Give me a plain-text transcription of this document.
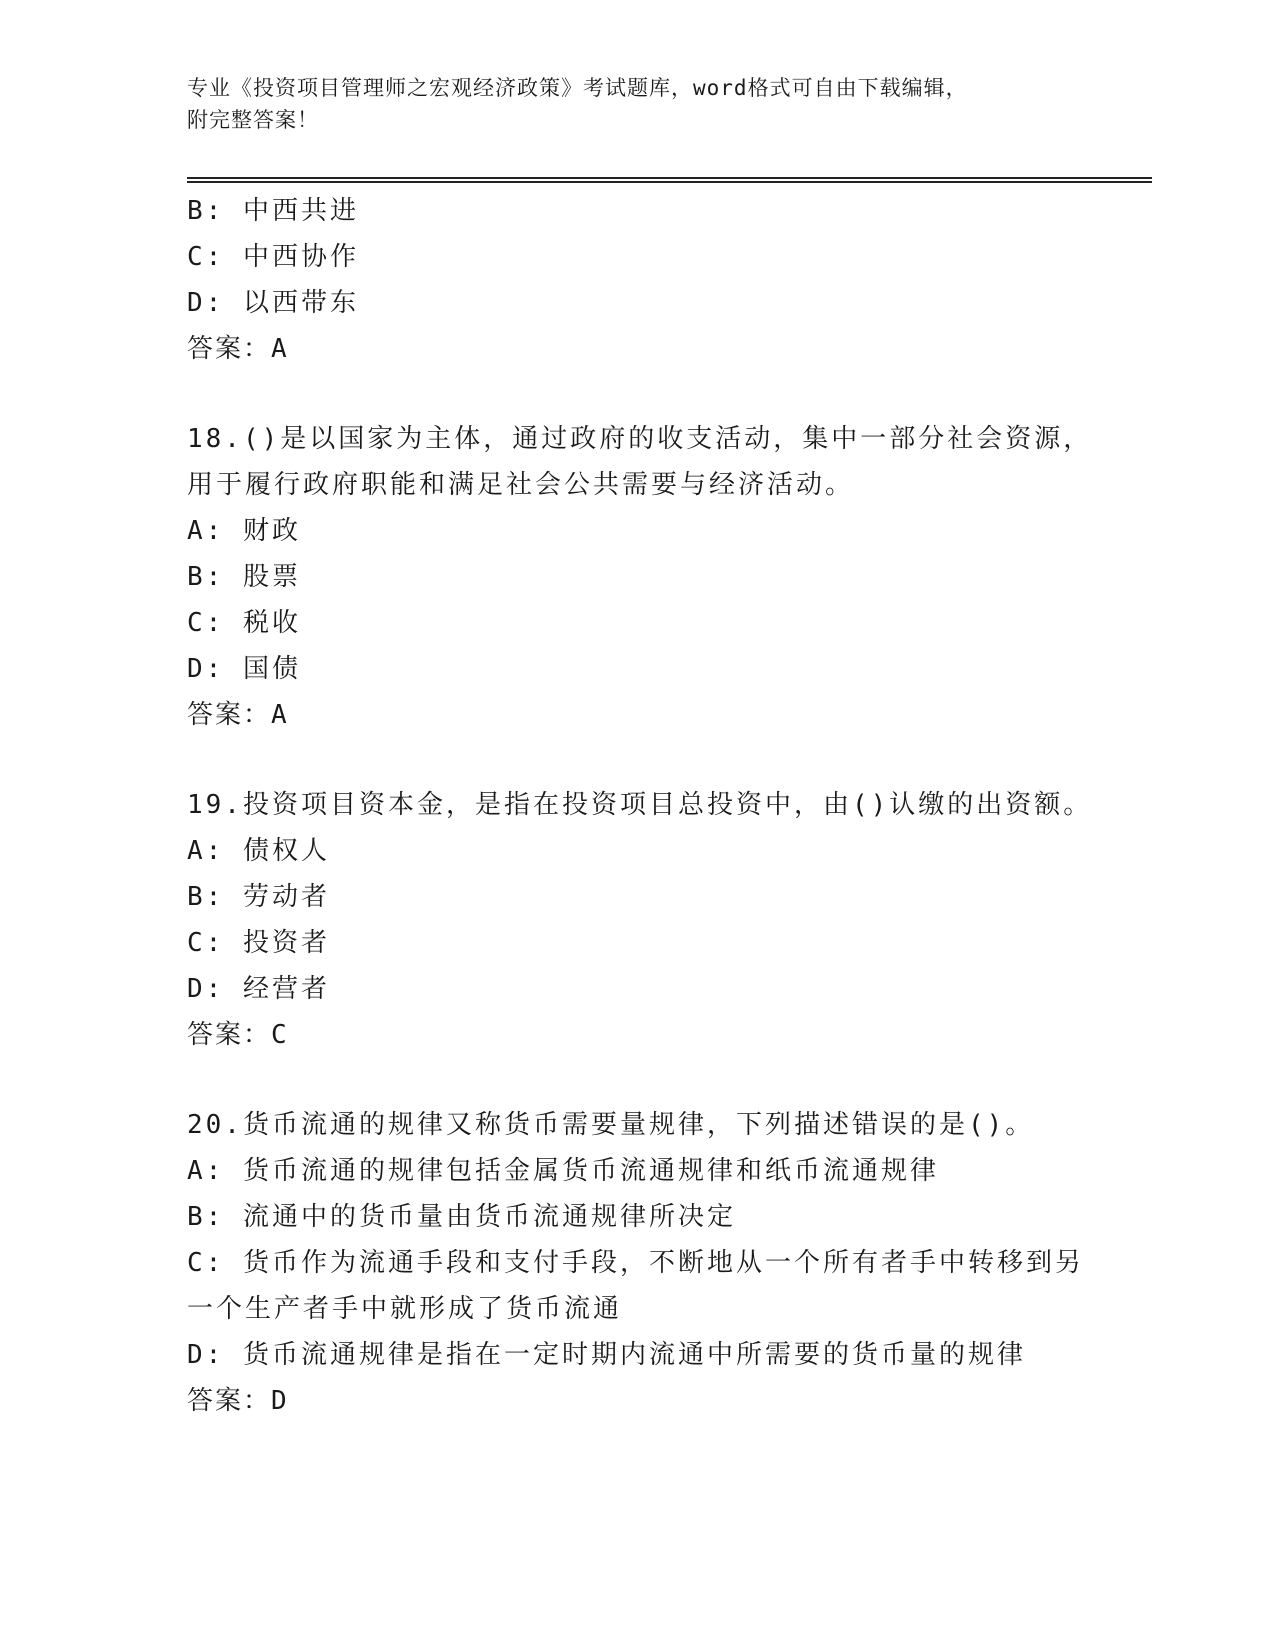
专业《投资项目管理师之宏观经济政策》考试题库，word格式可自由下载编辑，
附完整答案！
B: 中西共进
C: 中西协作
D: 以西带东
答案：A
18.()是以国家为主体，通过政府的收支活动，集中一部分社会资源，
用于履行政府职能和满足社会公共需要与经济活动。
A: 财政
B: 股票
C: 税收
D: 国债
答案：A
19.投资项目资本金，是指在投资项目总投资中，由()认缴的出资额。
A: 债权人
B: 劳动者
C: 投资者
D: 经营者
答案：C
20.货币流通的规律又称货币需要量规律，下列描述错误的是()。
A: 货币流通的规律包括金属货币流通规律和纸币流通规律
B: 流通中的货币量由货币流通规律所决定
C: 货币作为流通手段和支付手段，不断地从一个所有者手中转移到另
一个生产者手中就形成了货币流通
D: 货币流通规律是指在一定时期内流通中所需要的货币量的规律
答案：D
